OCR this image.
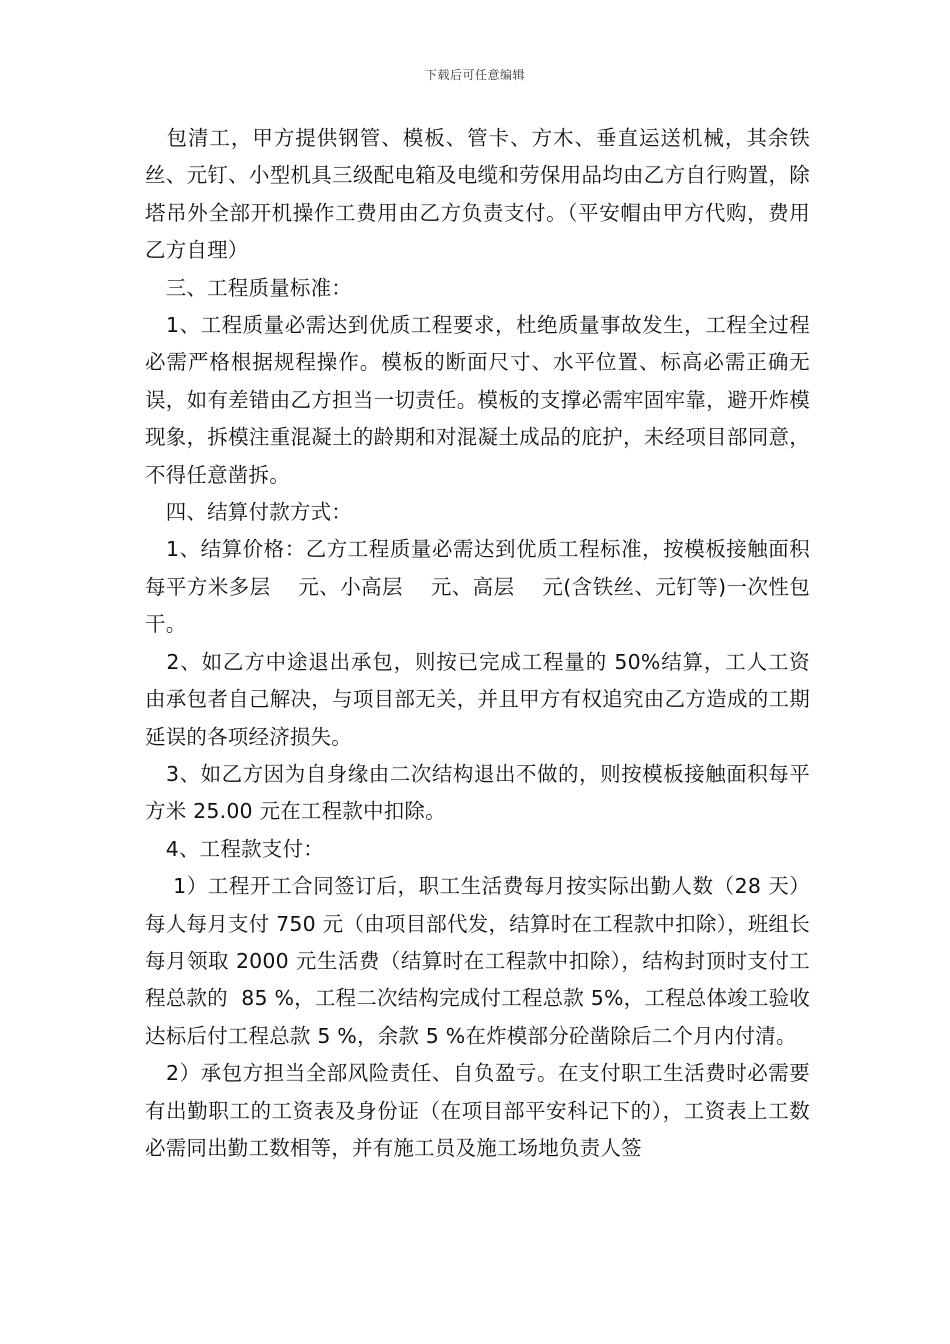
下载后可任意编辑

　包清工，甲方提供钢管、模板、管卡、方木、垂直运送机械，其余铁丝、元钉、小型机具三级配电箱及电缆和劳保用品均由乙方自行购置，除塔吊外全部开机操作工费用由乙方负责支付。（平安帽由甲方代购，费用乙方自理）

　三、工程质量标准：

　1、工程质量必需达到优质工程要求，杜绝质量事故发生，工程全过程必需严格根据规程操作。模板的断面尺寸、水平位置、标高必需正确无误，如有差错由乙方担当一切责任。模板的支撑必需牢固牢靠，避开炸模现象，拆模注重混凝土的龄期和对混凝土成品的庇护，未经项目部同意，不得任意凿拆。

　四、结算付款方式：

　1、结算价格：乙方工程质量必需达到优质工程标准，按模板接触面积每平方米多层　 元、小高层　 元、高层　 元(含铁丝、元钉等)一次性包干。

　2、如乙方中途退出承包，则按已完成工程量的 50%结算，工人工资由承包者自己解决，与项目部无关，并且甲方有权追究由乙方造成的工期延误的各项经济损失。

　3、如乙方因为自身缘由二次结构退出不做的，则按模板接触面积每平方米 25.00 元在工程款中扣除。

　4、工程款支付：

　 1）工程开工合同签订后，职工生活费每月按实际出勤人数（28 天）每人每月支付 750 元（由项目部代发，结算时在工程款中扣除），班组长每月领取 2000 元生活费（结算时在工程款中扣除），结构封顶时支付工程总款的  85 %，工程二次结构完成付工程总款 5%，工程总体竣工验收达标后付工程总款 5 %，余款 5 %在炸模部分砼凿除后二个月内付清。

　2）承包方担当全部风险责任、自负盈亏。在支付职工生活费时必需要有出勤职工的工资表及身份证（在项目部平安科记下的），工资表上工数必需同出勤工数相等，并有施工员及施工场地负责人签
